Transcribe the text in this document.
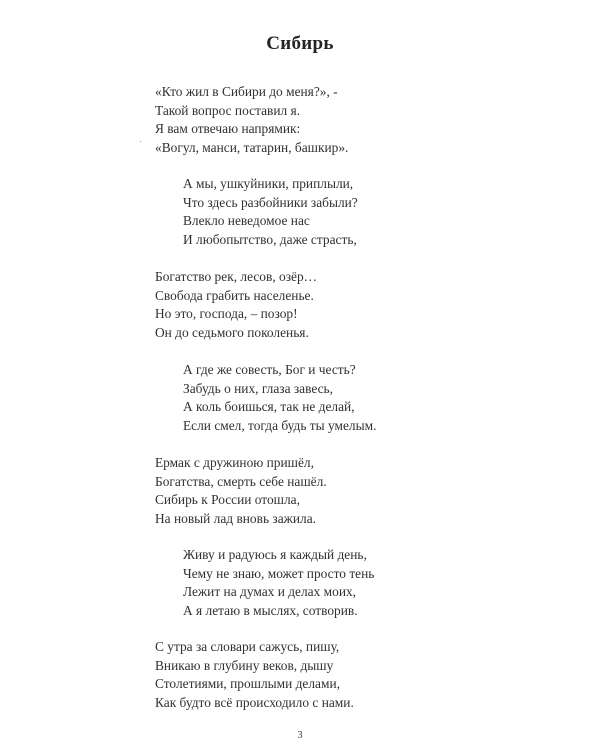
Сибирь
«Кто жил в Сибири до меня?», -
Такой вопрос поставил я.
Я вам отвечаю напрямик:
«Вогул, манси, татарин, башкир».
А мы, ушкуйники, приплыли,
Что здесь разбойники забыли?
Влекло неведомое нас
И любопытство, даже страсть,
Богатство рек, лесов, озёр…
Свобода грабить населенье.
Но это, господа, – позор!
Он до седьмого поколенья.
А где же совесть, Бог и честь?
Забудь о них, глаза завесь,
А коль боишься, так не делай,
Если смел, тогда будь ты умелым.
Ермак с дружиною пришёл,
Богатства, смерть себе нашёл.
Сибирь к России отошла,
На новый лад вновь зажила.
Живу и радуюсь я каждый день,
Чему не знаю, может просто тень
Лежит на думах и делах моих,
А я летаю в мыслях, сотворив.
С утра за словари сажусь, пишу,
Вникаю в глубину веков, дышу
Столетиями, прошлыми делами,
Как будто всё происходило с нами.
3
